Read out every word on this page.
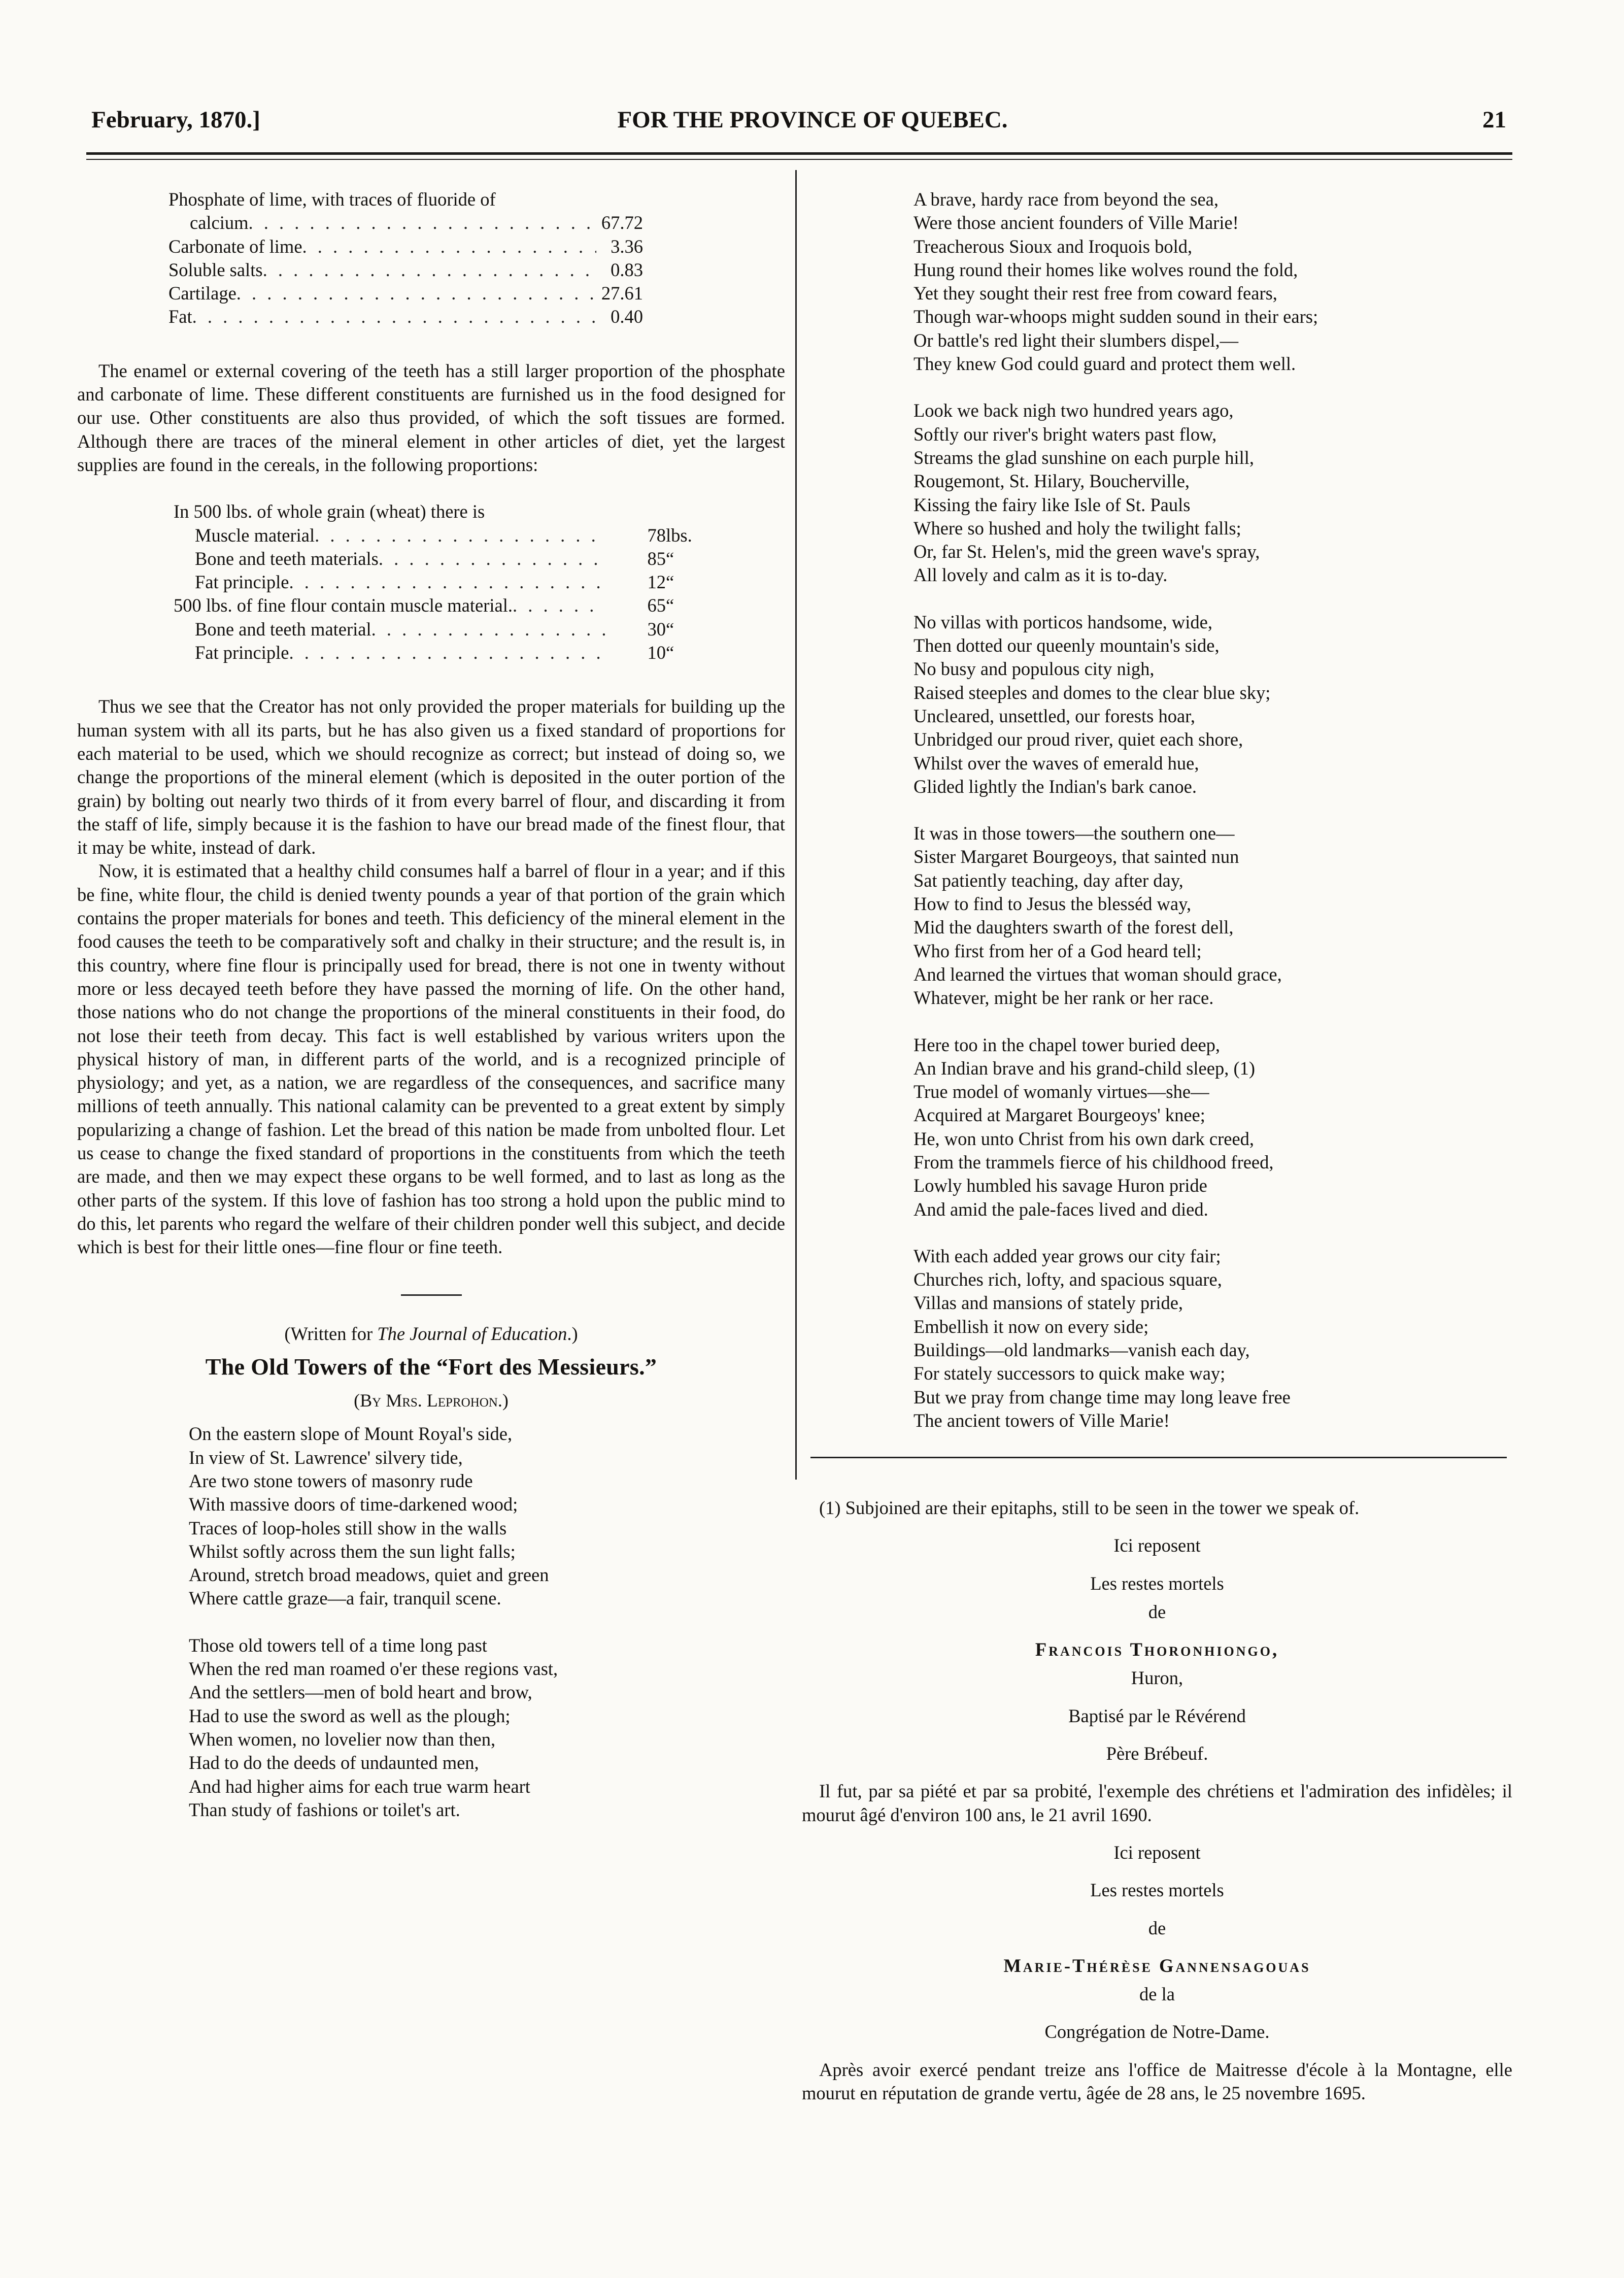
February, 1870.]	FOR THE PROVINCE OF QUEBEC.	21
Phosphate of lime, with traces of fluoride of
calcium . . .	67.72
Carbonate of lime . . .	3.36
Soluble salts . . .	0.83
Cartilage . . .	27.61
Fat . . .	0.40

The enamel or external covering of the teeth has a still larger proportion of the phosphate and carbonate of lime. These different constituents are furnished us in the food designed for our use. Other constituents are also thus provided, of which the soft tissues are formed. Although there are traces of the mineral element in other articles of diet, yet the largest supplies are found in the cereals, in the following proportions:

In 500 lbs. of whole grain (wheat) there is
Muscle material . . .	78 lbs.
Bone and teeth materials . . .	85 “
Fat principle . . .	12 “
500 lbs. of fine flour contain muscle material. . . .	65 “
Bone and teeth material . . .	30 “
Fat principle . . .	10 “

Thus we see that the Creator has not only provided the proper materials for building up the human system with all its parts, but he has also given us a fixed standard of proportions for each material to be used, which we should recognize as correct; but instead of doing so, we change the proportions of the mineral element (which is deposited in the outer portion of the grain) by bolting out nearly two thirds of it from every barrel of flour, and discarding it from the staff of life, simply because it is the fashion to have our bread made of the finest flour, that it may be white, instead of dark.

Now, it is estimated that a healthy child consumes half a barrel of flour in a year; and if this be fine, white flour, the child is denied twenty pounds a year of that portion of the grain which contains the proper materials for bones and teeth. This deficiency of the mineral element in the food causes the teeth to be comparatively soft and chalky in their structure; and the result is, in this country, where fine flour is principally used for bread, there is not one in twenty without more or less decayed teeth before they have passed the morning of life. On the other hand, those nations who do not change the proportions of the mineral constituents in their food, do not lose their teeth from decay. This fact is well established by various writers upon the physical history of man, in different parts of the world, and is a recognized principle of physiology; and yet, as a nation, we are regardless of the consequences, and sacrifice many millions of teeth annually. This national calamity can be prevented to a great extent by simply popularizing a change of fashion. Let the bread of this nation be made from unbolted flour. Let us cease to change the fixed standard of proportions in the constituents from which the teeth are made, and then we may expect these organs to be well formed, and to last as long as the other parts of the system. If this love of fashion has too strong a hold upon the public mind to do this, let parents who regard the welfare of their children ponder well this subject, and decide which is best for their little ones—fine flour or fine teeth.

(Written for The Journal of Education.)
The Old Towers of the “Fort des Messieurs.”
(By Mrs. Leprohon.)
On the eastern slope of Mount Royal's side,
In view of St. Lawrence' silvery tide,
Are two stone towers of masonry rude
With massive doors of time-darkened wood;
Traces of loop-holes still show in the walls
Whilst softly across them the sun light falls;
Around, stretch broad meadows, quiet and green
Where cattle graze—a fair, tranquil scene.
Those old towers tell of a time long past
When the red man roamed o'er these regions vast,
And the settlers—men of bold heart and brow,
Had to use the sword as well as the plough;
When women, no lovelier now than then,
Had to do the deeds of undaunted men,
And had higher aims for each true warm heart
Than study of fashions or toilet's art.
A brave, hardy race from beyond the sea,
Were those ancient founders of Ville Marie!
Treacherous Sioux and Iroquois bold,
Hung round their homes like wolves round the fold,
Yet they sought their rest free from coward fears,
Though war-whoops might sudden sound in their ears;
Or battle's red light their slumbers dispel,—
They knew God could guard and protect them well.
Look we back nigh two hundred years ago,
Softly our river's bright waters past flow,
Streams the glad sunshine on each purple hill,
Rougemont, St. Hilary, Boucherville,
Kissing the fairy like Isle of St. Pauls
Where so hushed and holy the twilight falls;
Or, far St. Helen's, mid the green wave's spray,
All lovely and calm as it is to-day.
No villas with porticos handsome, wide,
Then dotted our queenly mountain's side,
No busy and populous city nigh,
Raised steeples and domes to the clear blue sky;
Uncleared, unsettled, our forests hoar,
Unbridged our proud river, quiet each shore,
Whilst over the waves of emerald hue,
Glided lightly the Indian's bark canoe.
It was in those towers—the southern one—
Sister Margaret Bourgeoys, that sainted nun
Sat patiently teaching, day after day,
How to find to Jesus the blesséd way,
Mid the daughters swarth of the forest dell,
Who first from her of a God heard tell;
And learned the virtues that woman should grace,
Whatever, might be her rank or her race.
Here too in the chapel tower buried deep,
An Indian brave and his grand-child sleep, (1)
True model of womanly virtues—she—
Acquired at Margaret Bourgeoys' knee;
He, won unto Christ from his own dark creed,
From the trammels fierce of his childhood freed,
Lowly humbled his savage Huron pride
And amid the pale-faces lived and died.
With each added year grows our city fair;
Churches rich, lofty, and spacious square,
Villas and mansions of stately pride,
Embellish it now on every side;
Buildings—old landmarks—vanish each day,
For stately successors to quick make way;
But we pray from change time may long leave free
The ancient towers of Ville Marie!

(1) Subjoined are their epitaphs, still to be seen in the tower we speak of.

Ici reposent

Les restes mortels

de

Francois Thoronhiongo,

Huron,

Baptisé par le Révérend

Père Brébeuf.

Il fut, par sa piété et par sa probité, l'exemple des chrétiens et l'admiration des infidèles; il mourut âgé d'environ 100 ans, le 21 avril 1690.

Ici reposent

Les restes mortels

de

Marie-Thérèse Gannensagouas

de la

Congrégation de Notre-Dame.

Après avoir exercé pendant treize ans l'office de Maitresse d'école à la Montagne, elle mourut en réputation de grande vertu, âgée de 28 ans, le 25 novembre 1695.
